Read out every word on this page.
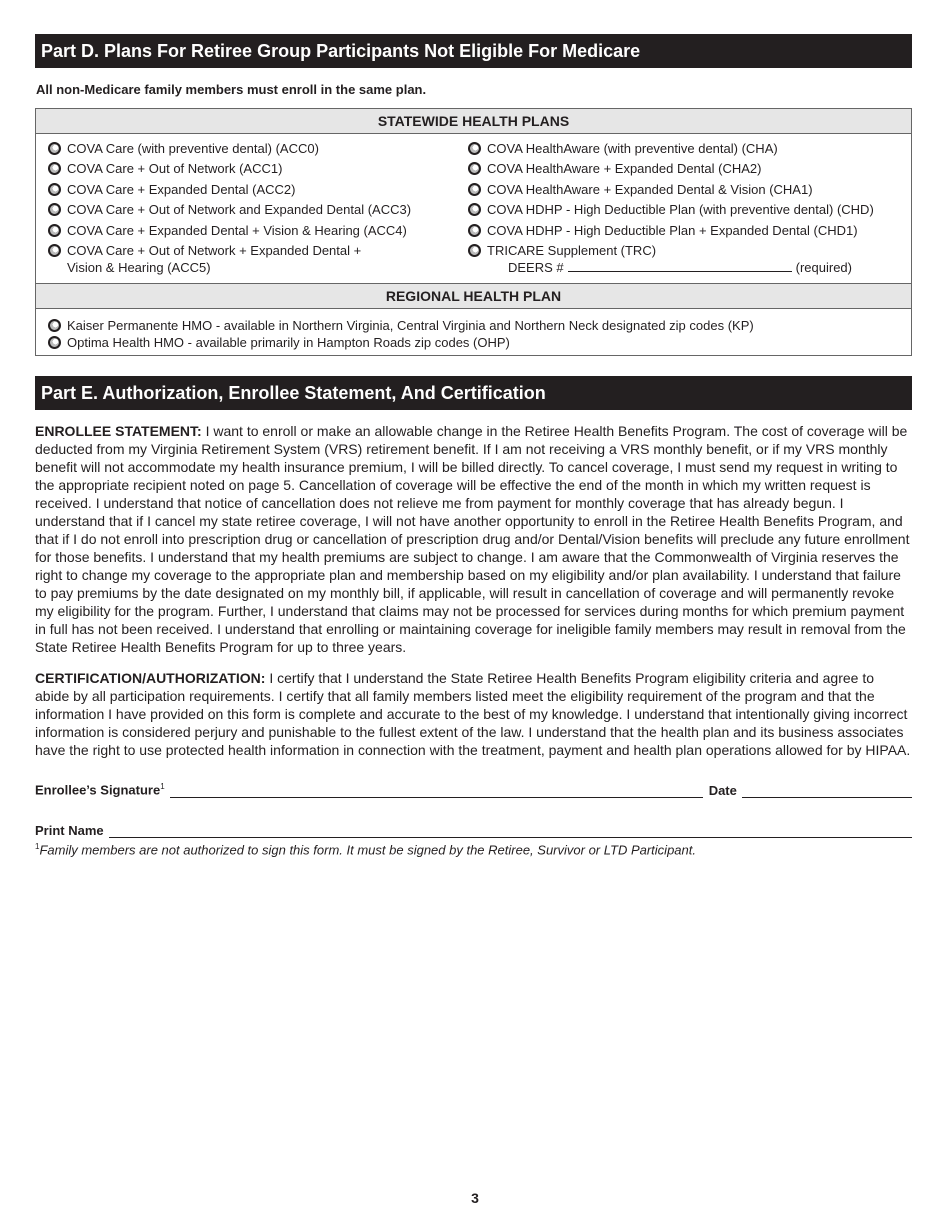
Part D. Plans For Retiree Group Participants Not Eligible For Medicare
All non-Medicare family members must enroll in the same plan.
STATEWIDE HEALTH PLANS
COVA Care (with preventive dental) (ACC0)
COVA Care + Out of Network (ACC1)
COVA Care + Expanded Dental (ACC2)
COVA Care + Out of Network and Expanded Dental (ACC3)
COVA Care + Expanded Dental + Vision & Hearing (ACC4)
COVA Care + Out of Network + Expanded Dental +
Vision & Hearing (ACC5)
COVA HealthAware (with preventive dental) (CHA)
COVA HealthAware + Expanded Dental (CHA2)
COVA HealthAware + Expanded Dental & Vision (CHA1)
COVA HDHP - High Deductible Plan (with preventive dental) (CHD)
COVA HDHP - High Deductible Plan + Expanded Dental (CHD1)
TRICARE Supplement (TRC)
DEERS #	(required)
REGIONAL HEALTH PLAN
Kaiser Permanente HMO - available in Northern Virginia, Central Virginia and Northern Neck designated zip codes (KP)
Optima Health HMO - available primarily in Hampton Roads zip codes (OHP)
Part E. Authorization, Enrollee Statement, And Certification

ENROLLEE STATEMENT: I want to enroll or make an allowable change in the Retiree Health Benefits Program. The cost of coverage will be deducted from my Virginia Retirement System (VRS) retirement benefit. If I am not receiving a VRS monthly benefit, or if my VRS monthly benefit will not accommodate my health insurance premium, I will be billed directly. To cancel coverage, I must send my request in writing to the appropriate recipient noted on page 5. Cancellation of coverage will be effective the end of the month in which my written request is received. I understand that notice of cancellation does not relieve me from payment for monthly coverage that has already begun. I understand that if I cancel my state retiree coverage, I will not have another opportunity to enroll in the Retiree Health Benefits Program, and that if I do not enroll into prescription drug or cancellation of prescription drug and/or Dental/Vision benefits will preclude any future enrollment for those benefits. I understand that my health premiums are subject to change. I am aware that the Commonwealth of Virginia reserves the right to change my coverage to the appropriate plan and membership based on my eligibility and/or plan availability. I understand that failure to pay premiums by the date designated on my monthly bill, if applicable, will result in cancellation of coverage and will permanently revoke my eligibility for the program. Further, I understand that claims may not be processed for services during months for which premium payment in full has not been received. I understand that enrolling or maintaining coverage for ineligible family members may result in removal from the State Retiree Health Benefits Program for up to three years.

CERTIFICATION/AUTHORIZATION: I certify that I understand the State Retiree Health Benefits Program eligibility criteria and agree to abide by all participation requirements. I certify that all family members listed meet the eligibility requirement of the program and that the information I have provided on this form is complete and accurate to the best of my knowledge. I understand that intentionally giving incorrect information is considered perjury and punishable to the fullest extent of the law. I understand that the health plan and its business associates have the right to use protected health information in connection with the treatment, payment and health plan operations allowed for by HIPAA.

Enrollee’s Signature$^1$	Date
Print Name
$^1$Family members are not authorized to sign this form. It must be signed by the Retiree, Survivor or LTD Participant.
3
